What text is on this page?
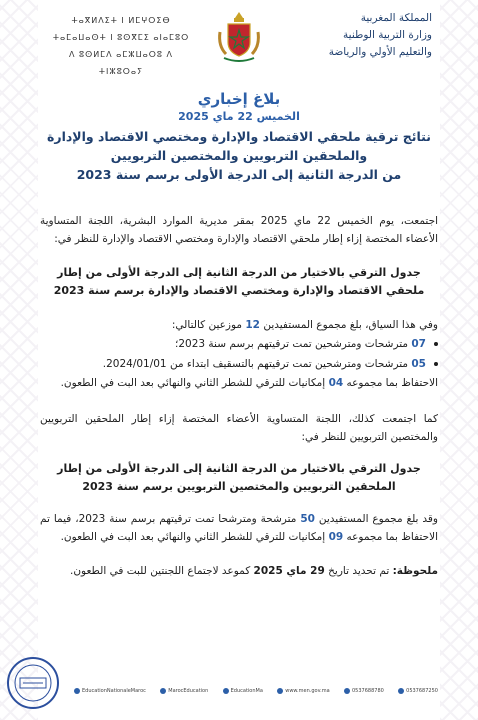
ⵜⴰⴳⵍⴷⵉⵜ ⵏ ⵍⵎⵖⵔⵉⴱ
ⵜⴰⵎⴰⵡⴰⵙⵜ ⵏ ⵓⵙⴳⵎⵉ ⴰⵏⴰⵎⵓⵔ
ⴷ ⵓⵙⵍⵎⴷ ⴰⵎⵣⵡⴰⵔⵓ ⴷ ⵜⵏⵣⵓⵔⴰⵢ
المملكة المغربية
وزارة التربية الوطنية
والتعليم الأولي والرياضة

بلاغ إخباري

الخميس 22 ماي 2025

نتائج ترقية ملحقي الاقتصاد والإدارة ومختصي الاقتصاد والإدارة
والملحقين التربويين والمختصين التربويين
من الدرجة الثانية إلى الدرجة الأولى برسم سنة 2023

اجتمعت، يوم الخميس 22 ماي 2025 بمقر مديرية الموارد البشرية، اللجنة المتساوية الأعضاء المختصة إزاء إطار ملحقي الاقتصاد والإدارة ومختصي الاقتصاد والإدارة للنظر في:

جدول الترقي بالاختيار من الدرجة الثانية إلى الدرجة الأولى من إطار ملحقي الاقتصاد والإدارة ومختصي الاقتصاد والإدارة برسم سنة 2023

وفي هذا السياق، بلغ مجموع المستفيدين 12 موزعين كالتالي:

07 مترشحات ومترشحين تمت ترقيتهم برسم سنة 2023؛
05 مترشحات ومترشحين تمت ترقيتهم بالتسقيف ابتداء من 2024/01/01.

الاحتفاظ بما مجموعه 04 إمكانيات للترقي للشطر الثاني والنهائي بعد البت في الطعون.

كما اجتمعت كذلك، اللجنة المتساوية الأعضاء المختصة إزاء إطار الملحقين التربويين والمختصين التربويين للنظر في:

جدول الترقي بالاختيار من الدرجة الثانية إلى الدرجة الأولى من إطار الملحقين التربويين والمختصين التربويين برسم سنة 2023

وقد بلغ مجموع المستفيدين 50 مترشحة ومترشحا تمت ترقيتهم برسم سنة 2023، فيما تم الاحتفاظ بما مجموعه 09 إمكانيات للترقي للشطر الثاني والنهائي بعد البت في الطعون.

ملحوظة: تم تحديد تاريخ 29 ماي 2025 كموعد لاجتماع اللجنتين للبت في الطعون.

EducationNationaleMaroc	MarocEducation	EducationMa	www.men.gov.ma	0537688780	0537687250
